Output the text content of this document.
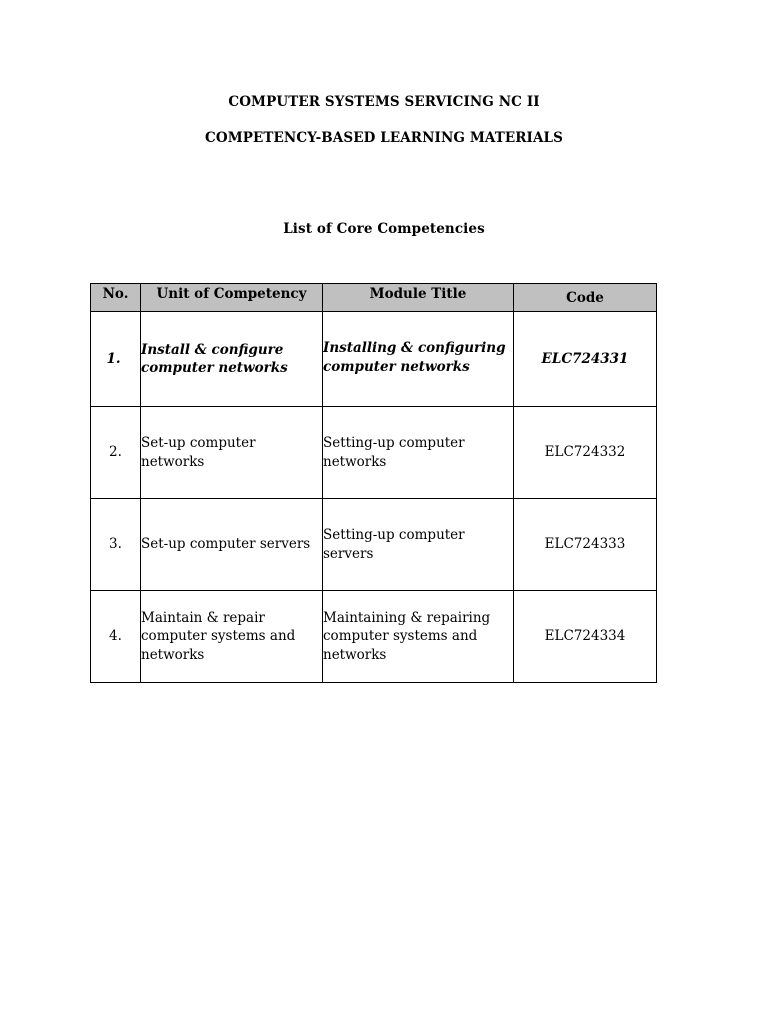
COMPUTER SYSTEMS SERVICING NC II
COMPETENCY-BASED LEARNING MATERIALS
List of Core Competencies
No.	Unit of Competency	Module Title	Code

1.	Install & configure computer networks	Installing & configuring computer networks	ELC724331
2.	Set-up computer networks	Setting-up computer networks	ELC724332
3.	Set-up computer servers	Setting-up computer servers	ELC724333
4.	Maintain & repair computer systems and networks	Maintaining & repairing computer systems and networks	ELC724334
